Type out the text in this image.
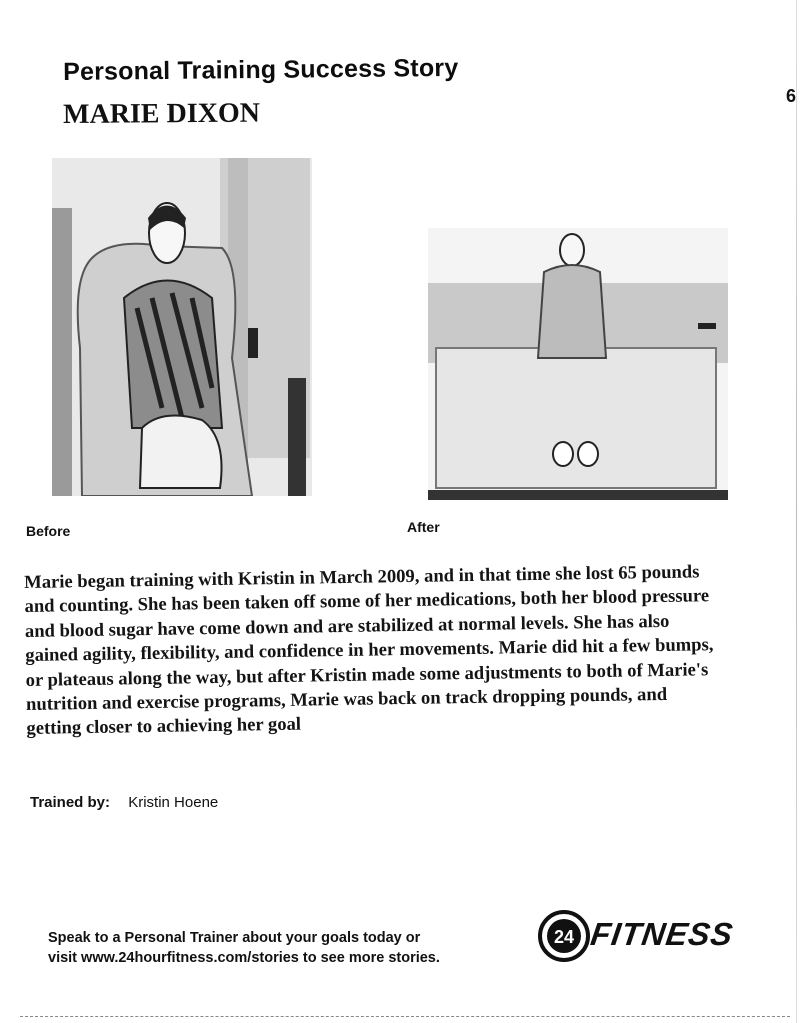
Personal Training Success Story
MARIE DIXON
Before	After

Marie began training with Kristin in March 2009, and in that time she lost 65 pounds and counting. She has been taken off some of her medications, both her blood pressure and blood sugar have come down and are stabilized at normal levels. She has also gained agility, flexibility, and confidence in her movements. Marie did hit a few bumps, or plateaus along the way, but after Kristin made some adjustments to both of Marie's nutrition and exercise programs, Marie was back on track dropping pounds, and getting closer to achieving her goal

Trained by: Kristin Hoene
Speak to a Personal Trainer about your goals today or
visit www.24hourfitness.com/stories to see more stories.
24 FITNESS
6
